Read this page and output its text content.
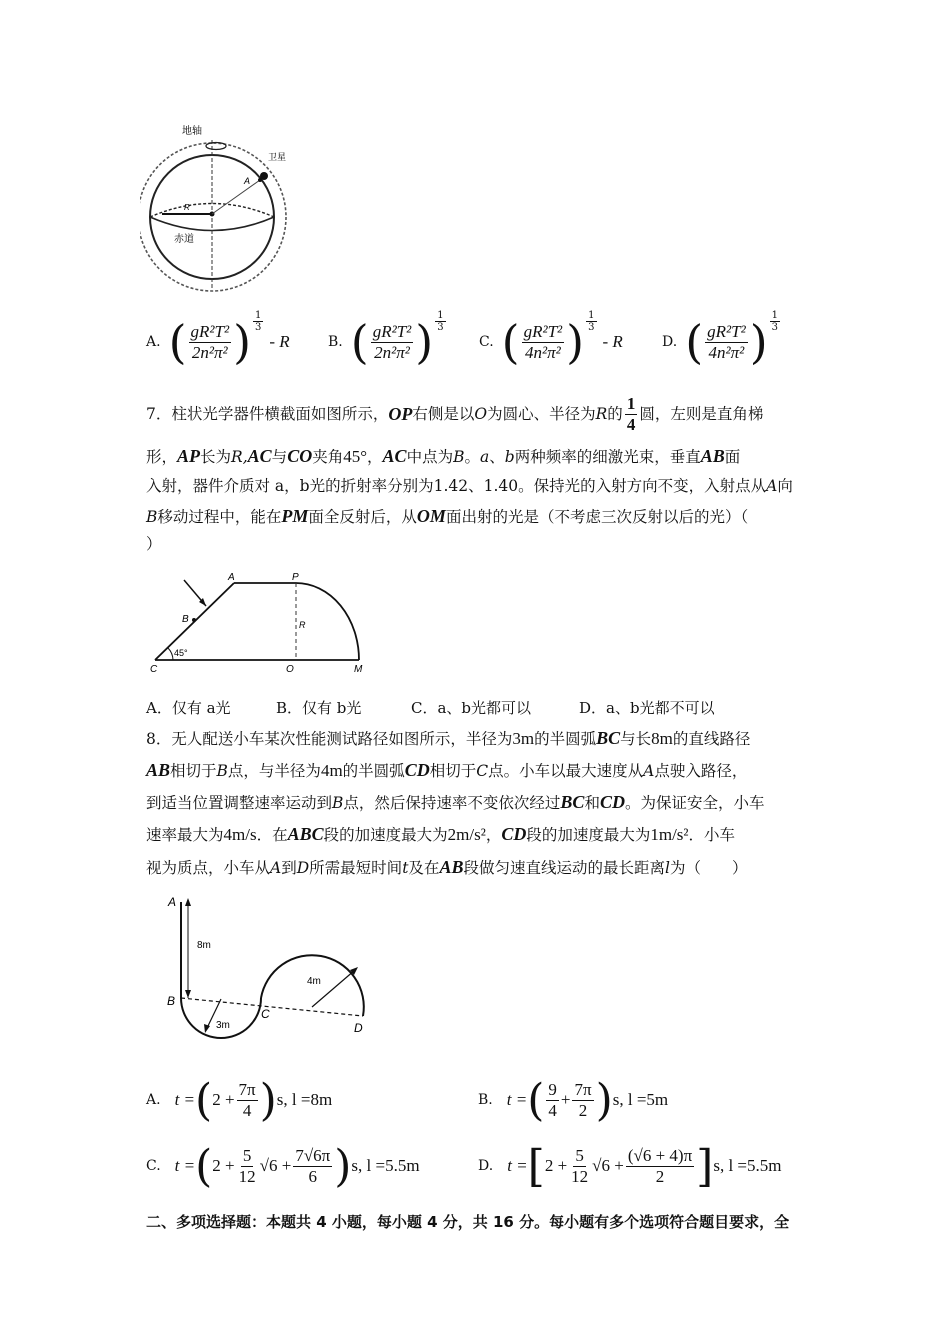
地轴
卫星
A
R
赤道
A. ( $\frac{\text{gR²T²}}{\text{2n²π²}}$ ) $\frac{1}{3}$
- R	B. ( $\frac{\text{gR²T²}}{\text{2n²π²}}$ ) $\frac{1}{3}$
C. ( $\frac{\text{gR²T²}}{\text{4n²π²}}$ ) $\frac{1}{3}$
- R	D. ( $\frac{\text{gR²T²}}{\text{4n²π²}}$ ) $\frac{1}{3}$
7．柱状光学器件横截面如图所示， OP 右侧是以 O 为圆心、半径为 R 的 $\frac{1}{4}$ 圆，左则是直角梯
形，AP长为R,AC与CO夹角45°，AC中点为B。a、b两种频率的细激光束，垂直AB面
入射，器件介质对 a，b光的折射率分别为1.42、1.40。保持光的入射方向不变，入射点从A向
B移动过程中，能在PM面全反射后，从OM面出射的光是（不考虑三次反射以后的光）（
）
A	P
B	R
45°
C	O	M
A．仅有 a光	B．仅有 b光	C．a、b光都可以	D．a、b光都不可以
8．无人配送小车某次性能测试路径如图所示，半径为3m的半圆弧BC与长8m的直线路径
AB相切于B点，与半径为4m的半圆弧CD相切于C点。小车以最大速度从A点驶入路径，
到适当位置调整速率运动到B点，然后保持速率不变依次经过BC和CD。为保证安全，小车
速率最大为4m/s．在ABC段的加速度最大为2m/s²，CD段的加速度最大为1m/s²．小车
视为质点，小车从A到D所需最短时间t及在AB段做匀速直线运动的最长距离l为（　　）
A
8m
B
3m
C
4m
D
A. t = ( $2 + \frac{7\pi}{4}$ ) s, l =8m	B. t = ( $\frac{9}{4} + \frac{7\pi}{2}$ ) s, l =5m
C. t = ( $2 + \frac{5}{12} √6 + \frac{7√6\pi}{6}$ ) s, l =5.5m	D. t = [ $2 + \frac{5}{12} √6 + \frac{(√6 + 4)\pi}{2}$ ] s, l =5.5m
二、多项选择题：本题共 4 小题，每小题 4 分，共 16 分。每小题有多个选项符合题目要求，全
